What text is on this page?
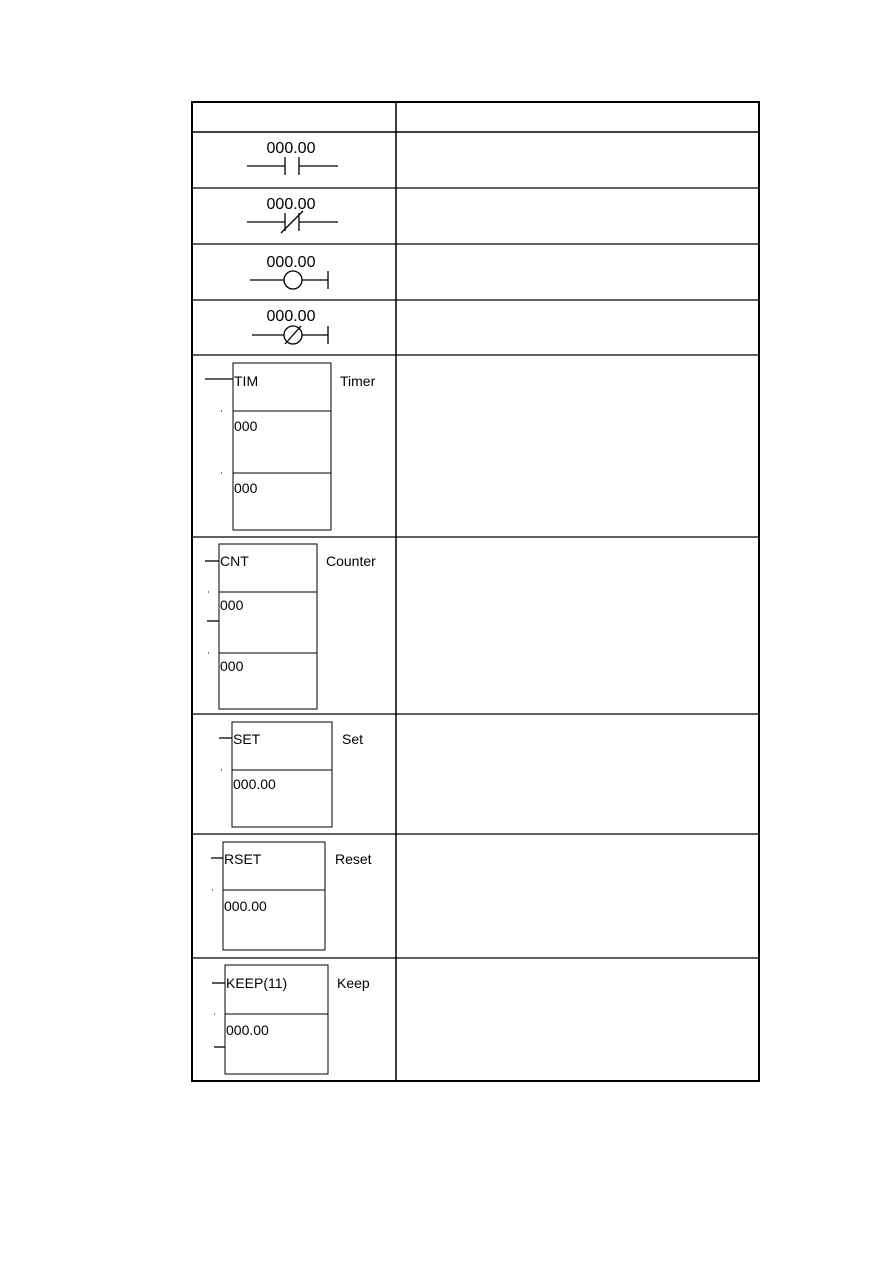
000.00
000.00
000.00
000.00
TIM
000
000
Timer
CNT
000
000
Counter
SET
000.00
Set
RSET
000.00
Reset
KEEP(11)
000.00
Keep
